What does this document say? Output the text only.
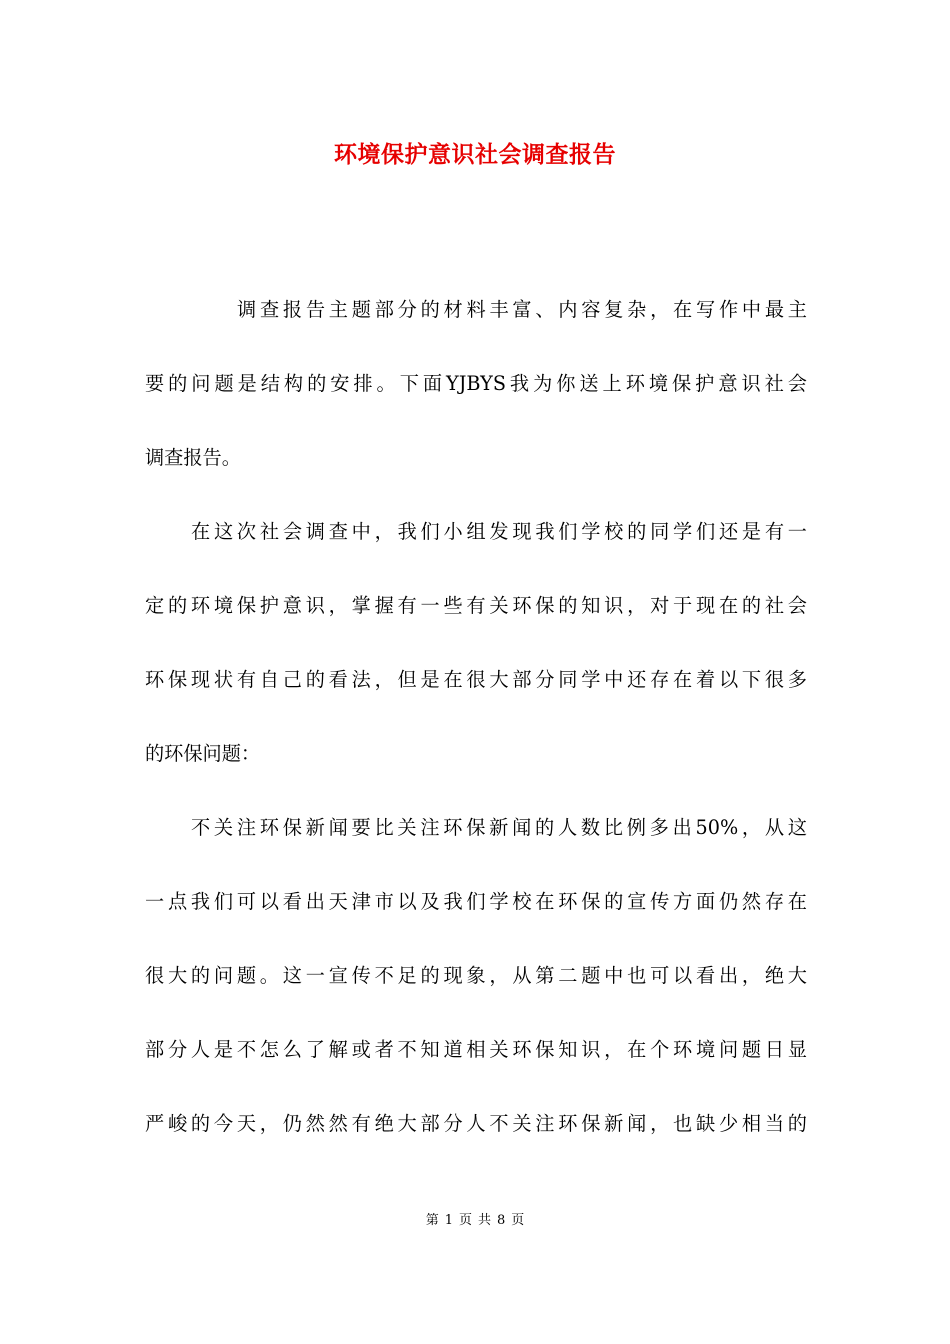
环境保护意识社会调查报告
调查报告主题部分的材料丰富、内容复杂，在写作中最主
要的问题是结构的安排。下面YJBYS我为你送上环境保护意识社会
调查报告。
在这次社会调查中，我们小组发现我们学校的同学们还是有一
定的环境保护意识，掌握有一些有关环保的知识，对于现在的社会
环保现状有自己的看法，但是在很大部分同学中还存在着以下很多
的环保问题：
不关注环保新闻要比关注环保新闻的人数比例多出50%，从这
一点我们可以看出天津市以及我们学校在环保的宣传方面仍然存在
很大的问题。这一宣传不足的现象，从第二题中也可以看出，绝大
部分人是不怎么了解或者不知道相关环保知识，在个环境问题日显
严峻的今天，仍然然有绝大部分人不关注环保新闻，也缺少相当的
第 1 页 共 8 页
